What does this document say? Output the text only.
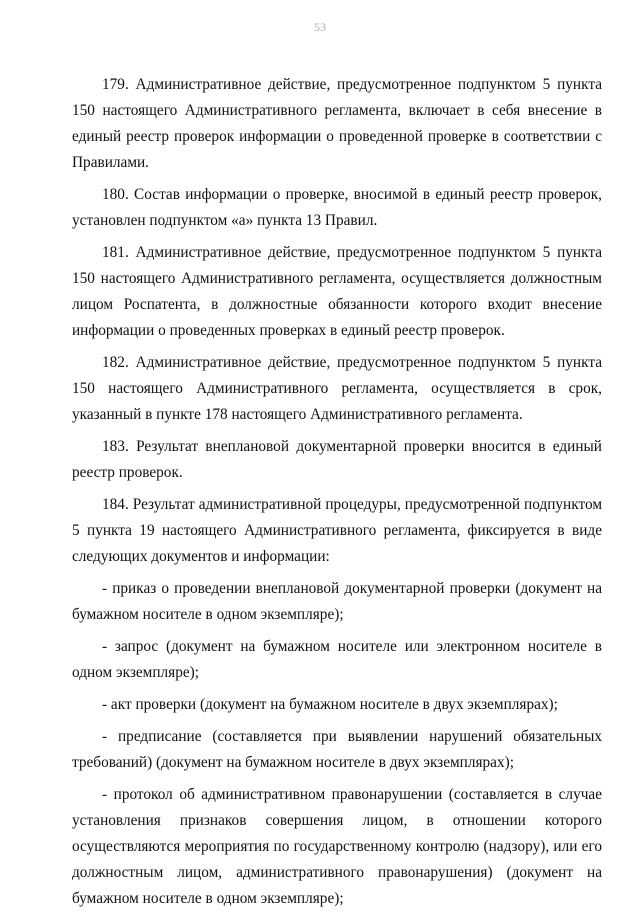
53

179. Административное действие, предусмотренное подпунктом 5 пункта 150 настоящего Административного регламента, включает в себя внесение в единый реестр проверок информации о проведенной проверке в соответствии с Правилами.

180. Состав информации о проверке, вносимой в единый реестр проверок, установлен подпунктом «а» пункта 13 Правил.

181. Административное действие, предусмотренное подпунктом 5 пункта 150 настоящего Административного регламента, осуществляется должностным лицом Роспатента, в должностные обязанности которого входит внесение информации о проведенных проверках в единый реестр проверок.

182. Административное действие, предусмотренное подпунктом 5 пункта 150 настоящего Административного регламента, осуществляется в срок, указанный в пункте 178 настоящего Административного регламента.

183. Результат внеплановой документарной проверки вносится в единый реестр проверок.

184. Результат административной процедуры, предусмотренной подпунктом 5 пункта 19 настоящего Административного регламента, фиксируется в виде следующих документов и информации:

- приказ о проведении внеплановой документарной проверки (документ на бумажном носителе в одном экземпляре);

- запрос (документ на бумажном носителе или электронном носителе в одном экземпляре);

- акт проверки (документ на бумажном носителе в двух экземплярах);

- предписание (составляется при выявлении нарушений обязательных требований) (документ на бумажном носителе в двух экземплярах);

- протокол об административном правонарушении (составляется в случае установления признаков совершения лицом, в отношении которого осуществляются мероприятия по государственному контролю (надзору), или его должностным лицом, административного правонарушения) (документ на бумажном носителе в одном экземпляре);
